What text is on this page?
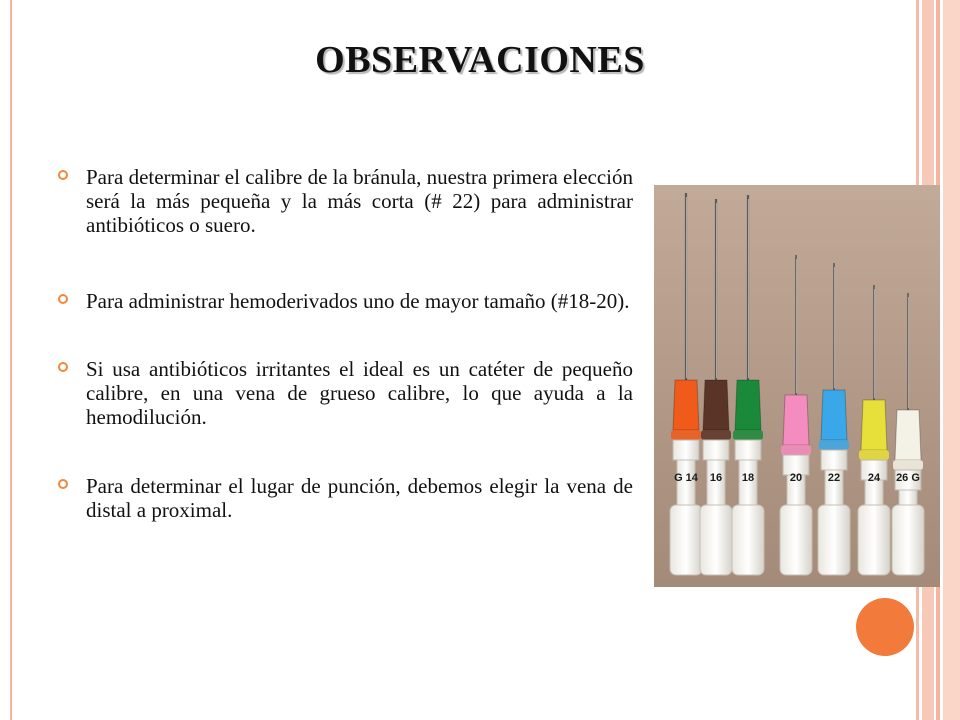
OBSERVACIONES
Para determinar el calibre de la bránula, nuestra primera elección será la más pequeña y la más corta (# 22) para administrar antibióticos o suero.
Para administrar hemoderivados uno de mayor tamaño (#18-20).
Si usa antibióticos irritantes el ideal es un catéter de pequeño calibre, en una vena de grueso calibre, lo que ayuda a la hemodilución.
Para determinar el lugar de punción, debemos elegir la vena de distal a proximal.
G 14 16 18	20 22	24 26 G
